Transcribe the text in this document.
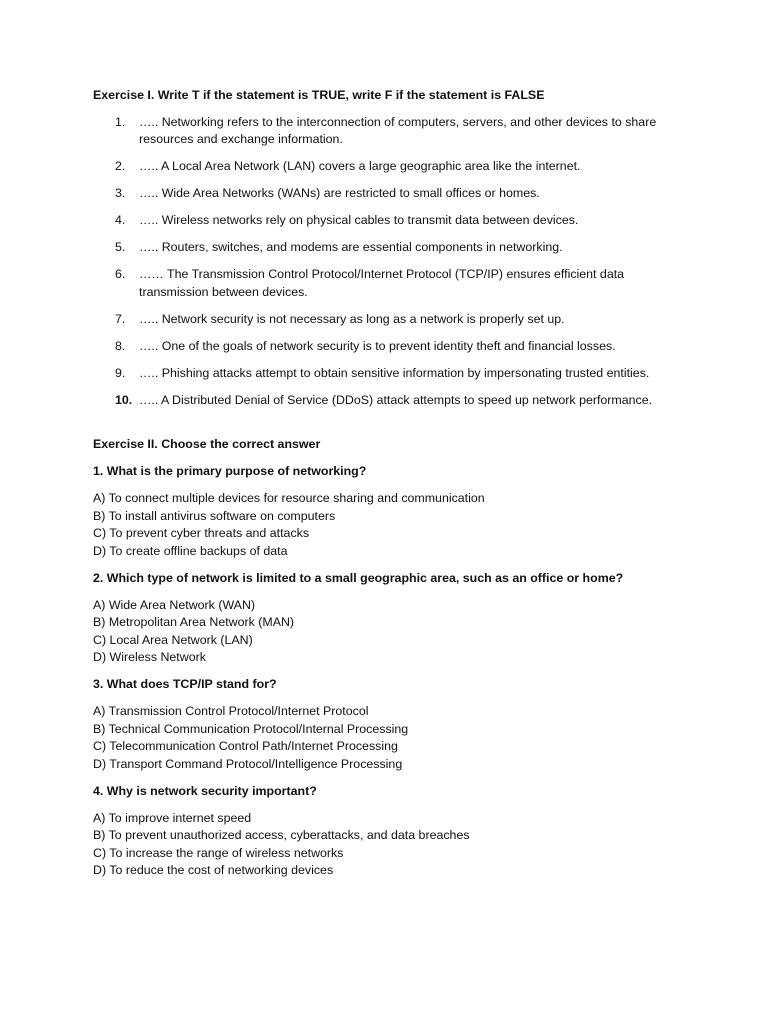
Exercise I. Write T if the statement is TRUE, write F if the statement is FALSE

1. ….. Networking refers to the interconnection of computers, servers, and other devices to share resources and exchange information.
2. ….. A Local Area Network (LAN) covers a large geographic area like the internet.
3. ….. Wide Area Networks (WANs) are restricted to small offices or homes.
4. ….. Wireless networks rely on physical cables to transmit data between devices.
5. ….. Routers, switches, and modems are essential components in networking.
6. …… The Transmission Control Protocol/Internet Protocol (TCP/IP) ensures efficient data transmission between devices.
7. ….. Network security is not necessary as long as a network is properly set up.
8. ….. One of the goals of network security is to prevent identity theft and financial losses.
9. ….. Phishing attacks attempt to obtain sensitive information by impersonating trusted entities.
10. ….. A Distributed Denial of Service (DDoS) attack attempts to speed up network performance.

Exercise II. Choose the correct answer

1. What is the primary purpose of networking?

A) To connect multiple devices for resource sharing and communication
B) To install antivirus software on computers
C) To prevent cyber threats and attacks
D) To create offline backups of data

2. Which type of network is limited to a small geographic area, such as an office or home?

A) Wide Area Network (WAN)
B) Metropolitan Area Network (MAN)
C) Local Area Network (LAN)
D) Wireless Network

3. What does TCP/IP stand for?

A) Transmission Control Protocol/Internet Protocol
B) Technical Communication Protocol/Internal Processing
C) Telecommunication Control Path/Internet Processing
D) Transport Command Protocol/Intelligence Processing

4. Why is network security important?

A) To improve internet speed
B) To prevent unauthorized access, cyberattacks, and data breaches
C) To increase the range of wireless networks
D) To reduce the cost of networking devices
